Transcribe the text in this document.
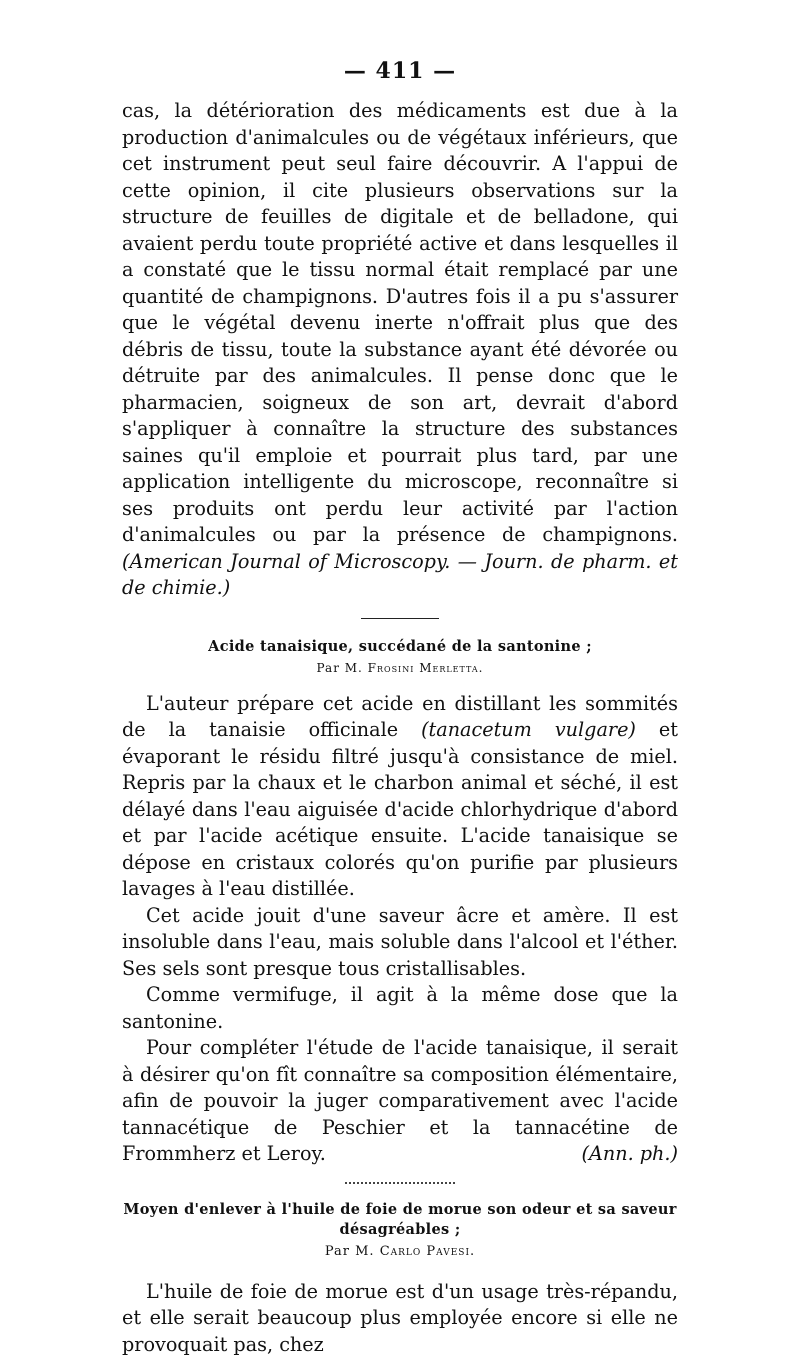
— 411 —

cas, la détérioration des médicaments est due à la production d'animalcules ou de végétaux inférieurs, que cet instrument peut seul faire découvrir. A l'appui de cette opinion, il cite plusieurs observations sur la structure de feuilles de digitale et de belladone, qui avaient perdu toute propriété active et dans lesquelles il a constaté que le tissu normal était remplacé par une quantité de champignons. D'autres fois il a pu s'assurer que le végétal devenu inerte n'offrait plus que des débris de tissu, toute la substance ayant été dévorée ou détruite par des animalcules. Il pense donc que le pharmacien, soigneux de son art, devrait d'abord s'appliquer à connaître la structure des substances saines qu'il emploie et pourrait plus tard, par une application intelligente du microscope, reconnaître si ses produits ont perdu leur activité par l'action d'animalcules ou par la présence de champignons. (American Journal of Microscopy. — Journ. de pharm. et de chimie.)

Acide tanaisique, succédané de la santonine ;
Par M. Frosini Merletta.

L'auteur prépare cet acide en distillant les sommités de la tanaisie officinale (tanacetum vulgare) et évaporant le résidu filtré jusqu'à consistance de miel. Repris par la chaux et le charbon animal et séché, il est délayé dans l'eau aiguisée d'acide chlorhydrique d'abord et par l'acide acétique ensuite. L'acide tanaisique se dépose en cristaux colorés qu'on purifie par plusieurs lavages à l'eau distillée.

Cet acide jouit d'une saveur âcre et amère. Il est insoluble dans l'eau, mais soluble dans l'alcool et l'éther. Ses sels sont presque tous cristallisables.

Comme vermifuge, il agit à la même dose que la santonine.

Pour compléter l'étude de l'acide tanaisique, il serait à désirer qu'on fît connaître sa composition élémentaire, afin de pouvoir la juger comparativement avec l'acide tannacétique de Peschier et la tannacétine de Frommherz et Leroy.	(Ann. ph.)

Moyen d'enlever à l'huile de foie de morue son odeur et sa saveur désagréables ;
Par M. Carlo Pavesi.

L'huile de foie de morue est d'un usage très-répandu, et elle serait beaucoup plus employée encore si elle ne provoquait pas, chez
